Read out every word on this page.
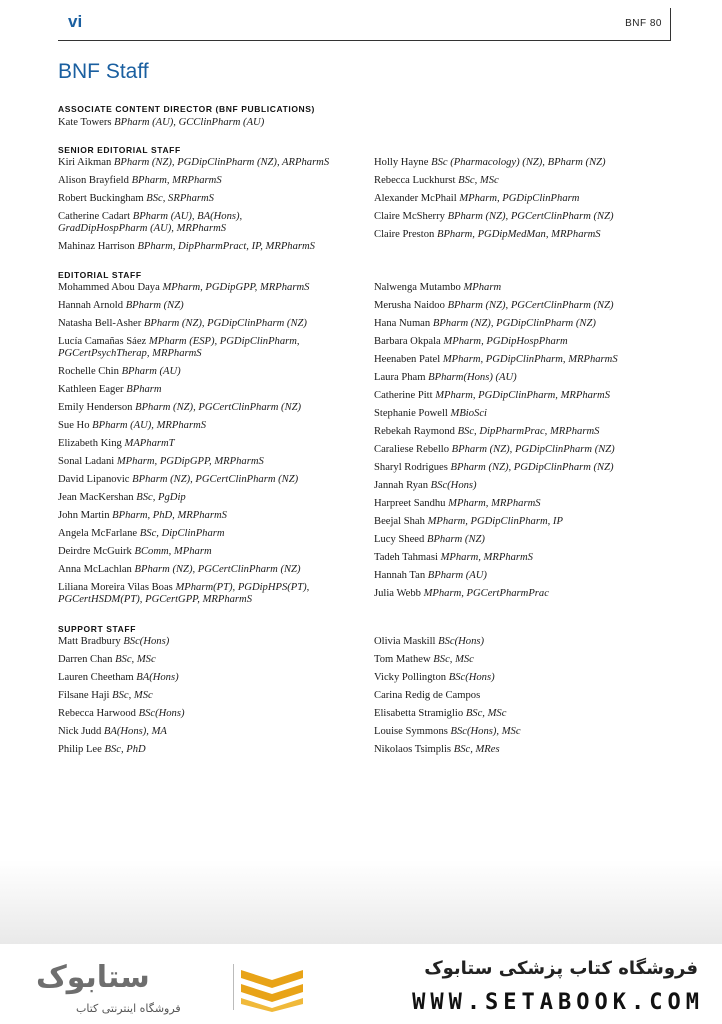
vi	BNF 80
BNF Staff
ASSOCIATE CONTENT DIRECTOR (BNF PUBLICATIONS)

Kate Towers BPharm (AU), GCClinPharm (AU)

SENIOR EDITORIAL STAFF

Kiri Aikman BPharm (NZ), PGDipClinPharm (NZ), ARPharmS

Alison Brayfield BPharm, MRPharmS

Robert Buckingham BSc, SRPharmS

Catherine Cadart BPharm (AU), BA(Hons),
GradDipHospPharm (AU), MRPharmS

Mahinaz Harrison BPharm, DipPharmPract, IP, MRPharmS

Holly Hayne BSc (Pharmacology) (NZ), BPharm (NZ)

Rebecca Luckhurst BSc, MSc

Alexander McPhail MPharm, PGDipClinPharm

Claire McSherry BPharm (NZ), PGCertClinPharm (NZ)

Claire Preston BPharm, PGDipMedMan, MRPharmS

EDITORIAL STAFF

Mohammed Abou Daya MPharm, PGDipGPP, MRPharmS

Hannah Arnold BPharm (NZ)

Natasha Bell-Asher BPharm (NZ), PGDipClinPharm (NZ)

Lucía Camañas Sáez MPharm (ESP), PGDipClinPharm,
PGCertPsychTherap, MRPharmS

Rochelle Chin BPharm (AU)

Kathleen Eager BPharm

Emily Henderson BPharm (NZ), PGCertClinPharm (NZ)

Sue Ho BPharm (AU), MRPharmS

Elizabeth King MAPharmT

Sonal Ladani MPharm, PGDipGPP, MRPharmS

David Lipanovic BPharm (NZ), PGCertClinPharm (NZ)

Jean MacKershan BSc, PgDip

John Martin BPharm, PhD, MRPharmS

Angela McFarlane BSc, DipClinPharm

Deirdre McGuirk BComm, MPharm

Anna McLachlan BPharm (NZ), PGCertClinPharm (NZ)

Liliana Moreira Vilas Boas MPharm(PT), PGDipHPS(PT),
PGCertHSDM(PT), PGCertGPP, MRPharmS

Nalwenga Mutambo MPharm

Merusha Naidoo BPharm (NZ), PGCertClinPharm (NZ)

Hana Numan BPharm (NZ), PGDipClinPharm (NZ)

Barbara Okpala MPharm, PGDipHospPharm

Heenaben Patel MPharm, PGDipClinPharm, MRPharmS

Laura Pham BPharm(Hons) (AU)

Catherine Pitt MPharm, PGDipClinPharm, MRPharmS

Stephanie Powell MBioSci

Rebekah Raymond BSc, DipPharmPrac, MRPharmS

Caraliese Rebello BPharm (NZ), PGDipClinPharm (NZ)

Sharyl Rodrigues BPharm (NZ), PGDipClinPharm (NZ)

Jannah Ryan BSc(Hons)

Harpreet Sandhu MPharm, MRPharmS

Beejal Shah MPharm, PGDipClinPharm, IP

Lucy Sheed BPharm (NZ)

Tadeh Tahmasi MPharm, MRPharmS

Hannah Tan BPharm (AU)

Julia Webb MPharm, PGCertPharmPrac

SUPPORT STAFF

Matt Bradbury BSc(Hons)

Darren Chan BSc, MSc

Lauren Cheetham BA(Hons)

Filsane Haji BSc, MSc

Rebecca Harwood BSc(Hons)

Nick Judd BA(Hons), MA

Philip Lee BSc, PhD

Olivia Maskill BSc(Hons)

Tom Mathew BSc, MSc

Vicky Pollington BSc(Hons)

Carina Redig de Campos

Elisabetta Stramiglio BSc, MSc

Louise Symmons BSc(Hons), MSc

Nikolaos Tsimplis BSc, MRes

ستابوک
فروشگاه اینترنتی کتاب
فروشگاه کتاب پزشکی ستابوک
WWW.SETABOOK.COM
